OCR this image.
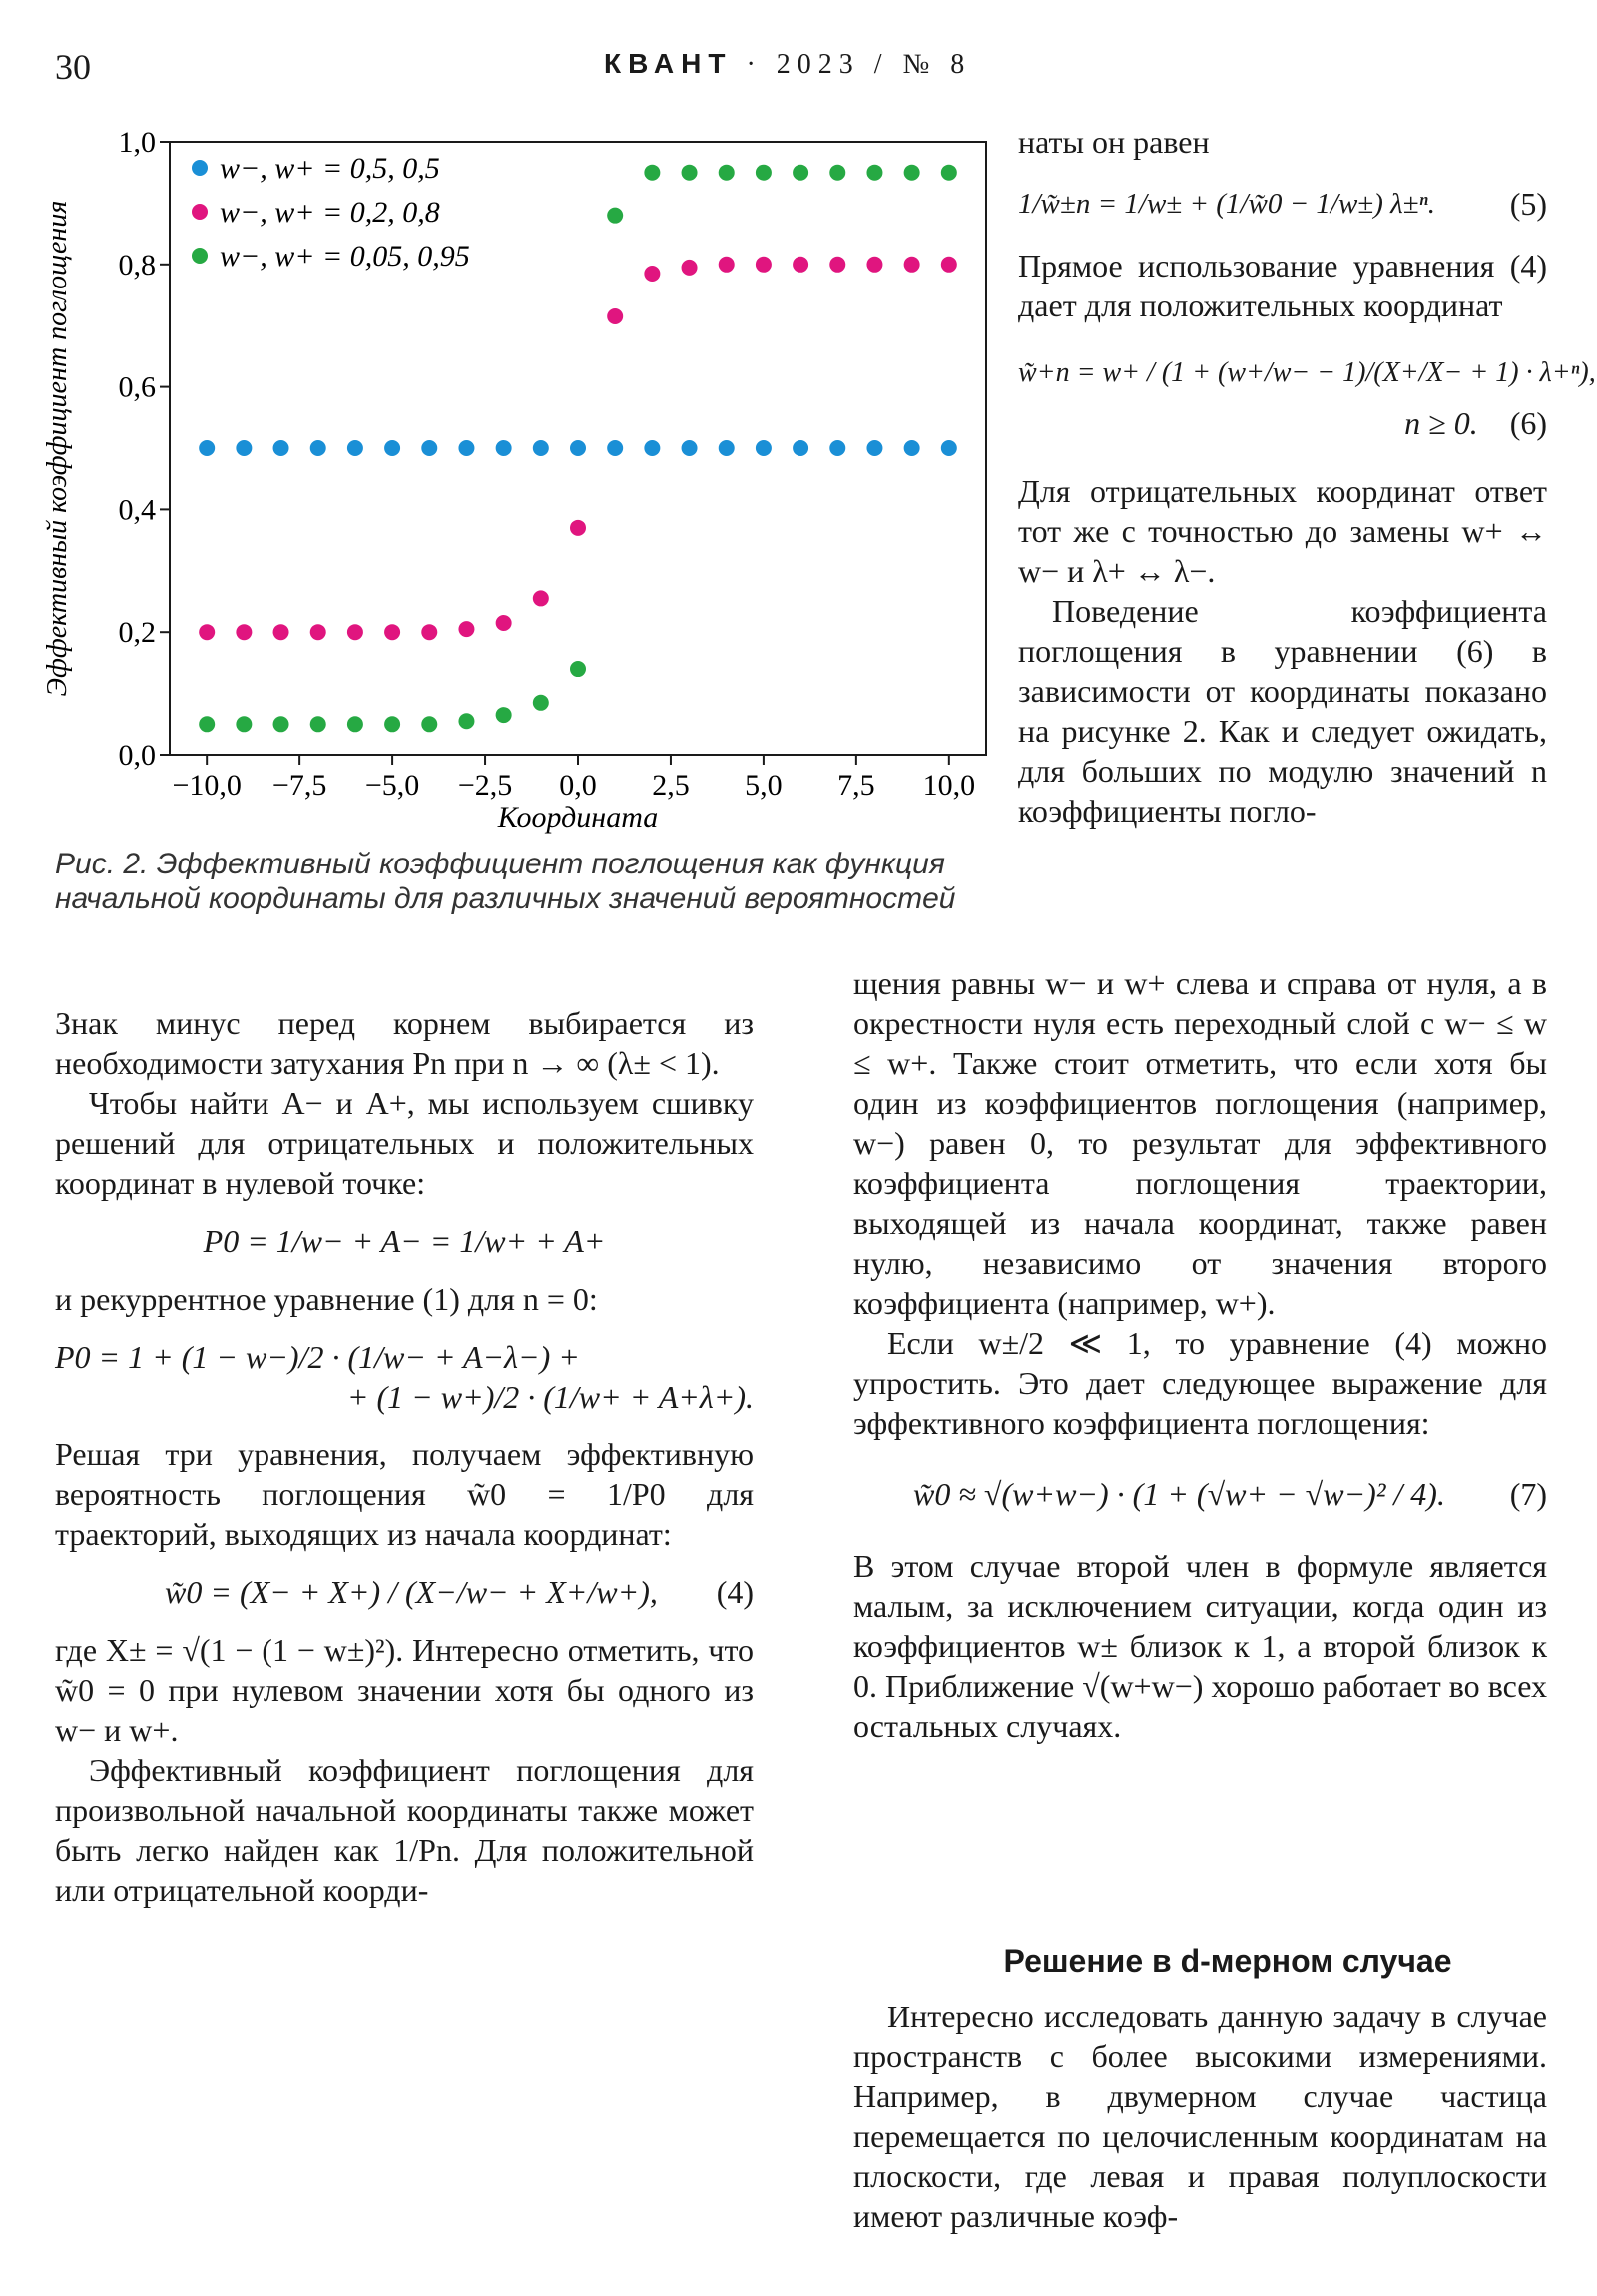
30	КВАНТ · 2023 / № 8
0,0
0,2
0,4
0,6
0,8
1,0
−10,0 −7,5 −5,0 −2,5 0,0 2,5 5,0 7,5 10,0
Координата
Эффективный коэффициент поглощения
w−, w+ = 0,5, 0,5
w−, w+ = 0,2, 0,8
w−, w+ = 0,05, 0,95
Рис. 2. Эффективный коэффициент поглощения как функция начальной координаты для различных значений вероятностей

Знак минус перед корнем выбирается из необходимости затухания Pn при n → ∞ (λ± < 1).

Чтобы найти A− и A+, мы используем сшивку решений для отрицательных и положительных координат в нулевой точке:

P0 = 1/w− + A− = 1/w+ + A+

и рекуррентное уравнение (1) для n = 0:

P0 = 1 + (1 − w−)/2 · (1/w− + A−λ−) +
+ (1 − w+)/2 · (1/w+ + A+λ+).

Решая три уравнения, получаем эффективную вероятность поглощения w̃0 = 1/P0 для траекторий, выходящих из начала координат:

w̃0 = (X− + X+) / (X−/w− + X+/w+), (4)

где X± = √(1 − (1 − w±)²). Интересно отметить, что w̃0 = 0 при нулевом значении хотя бы одного из w− и w+.

Эффективный коэффициент поглощения для произвольной начальной координаты также может быть легко найден как 1/Pn. Для положительной или отрицательной коорди-

наты он равен

1/w̃±n = 1/w± + (1/w̃0 − 1/w±) λ±ⁿ. (5)

Прямое использование уравнения (4) дает для положительных координат

w̃+n = w+ / (1 + (w+/w− − 1)/(X+/X− + 1) · λ+ⁿ),
n ≥ 0. (6)

Для отрицательных координат ответ тот же с точностью до замены w+ ↔ w− и λ+ ↔ λ−.

Поведение коэффициента поглощения в уравнении (6) в зависимости от координаты показано на рисунке 2. Как и следует ожидать, для больших по модулю значений n коэффициенты погло-

щения равны w− и w+ слева и справа от нуля, а в окрестности нуля есть переходный слой с w− ≤ w ≤ w+. Также стоит отметить, что если хотя бы один из коэффициентов поглощения (например, w−) равен 0, то результат для эффективного коэффициента поглощения траектории, выходящей из начала координат, также равен нулю, независимо от значения второго коэффициента (например, w+).

Если w±/2 ≪ 1, то уравнение (4) можно упростить. Это дает следующее выражение для эффективного коэффициента поглощения:

w̃0 ≈ √(w+w−) · (1 + (√w+ − √w−)² / 4). (7)

В этом случае второй член в формуле является малым, за исключением ситуации, когда один из коэффициентов w± близок к 1, а второй близок к 0. Приближение √(w+w−) хорошо работает во всех остальных случаях.

Решение в d-мерном случае

Интересно исследовать данную задачу в случае пространств с более высокими измерениями. Например, в двумерном случае частица перемещается по целочисленным координатам на плоскости, где левая и правая полуплоскости имеют различные коэф-
